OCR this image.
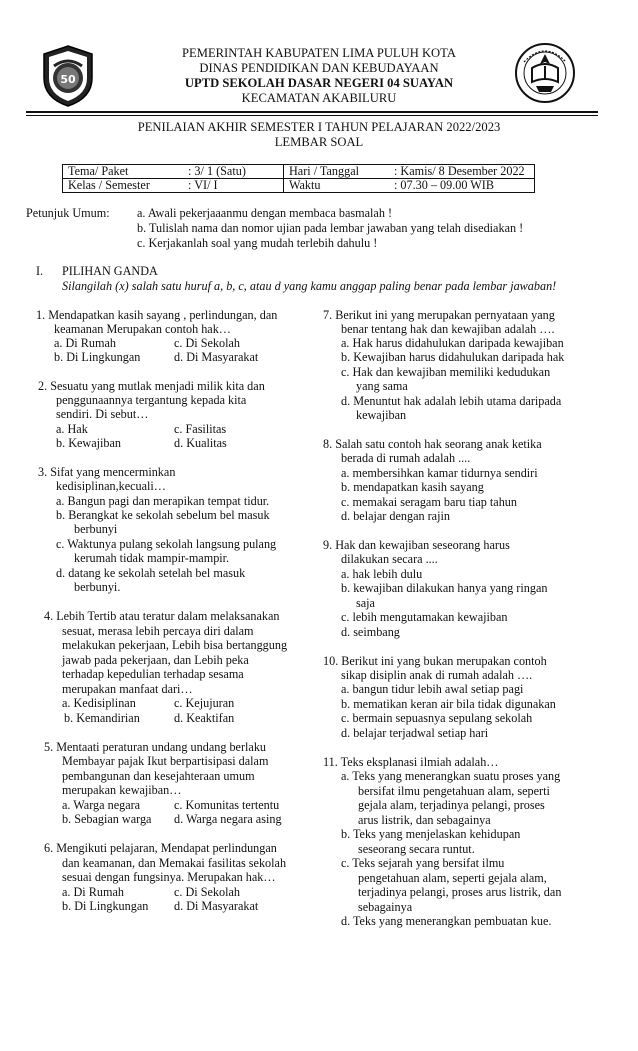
50
PEMERINTAH KABUPATEN LIMA PULUH KOTA
DINAS PENDIDIKAN DAN KEBUDAYAAN
UPTD SEKOLAH DASAR NEGERI 04 SUAYAN
KECAMATAN AKABILURU
PENILAIAN AKHIR SEMESTER I TAHUN PELAJARAN 2022/2023
LEMBAR SOAL
Tema/ Paket	: 3/ 1 (Satu)	Hari / Tanggal	: Kamis/ 8 Desember 2022
Kelas / Semester	: VI/ I	Waktu	: 07.30 – 09.00 WIB
Petunjuk Umum: a. Awali pekerjaaanmu dengan membaca basmalah !
b. Tulislah nama dan nomor ujian pada lembar jawaban yang telah disediakan !
c. Kerjakanlah soal yang mudah terlebih dahulu !
I. PILIHAN GANDA
Silangilah (x) salah satu huruf a, b, c, atau d yang kamu anggap paling benar pada lembar jawaban!
1. Mendapatkan kasih sayang , perlindungan, dan
keamanan Merupakan contoh hak…
a. Di Rumah	c. Di Sekolah
b. Di Lingkungan	d. Di Masyarakat
2. Sesuatu yang mutlak menjadi milik kita dan
penggunaannya tergantung kepada kita
sendiri. Di sebut…
a. Hak	c. Fasilitas
b. Kewajiban	d. Kualitas
3. Sifat yang mencerminkan
kedisiplinan,kecuali…
a. Bangun pagi dan merapikan tempat tidur.
b. Berangkat ke sekolah sebelum bel masuk
berbunyi
c. Waktunya pulang sekolah langsung pulang
kerumah tidak mampir-mampir.
d. datang ke sekolah setelah bel masuk
berbunyi.
4. Lebih Tertib atau teratur dalam melaksanakan
sesuat, merasa lebih percaya diri dalam
melakukan pekerjaan, Lebih bisa bertanggung
jawab pada pekerjaan, dan Lebih peka
terhadap kepedulian terhadap sesama
merupakan manfaat dari…
a. Kedisiplinan	c. Kejujuran
b. Kemandirian	d. Keaktifan
5. Mentaati peraturan undang undang berlaku
Membayar pajak Ikut berpartisipasi dalam
pembangunan dan kesejahteraan umum
merupakan kewajiban…
a. Warga negara	c. Komunitas tertentu
b. Sebagian warga d. Warga negara asing
6. Mengikuti pelajaran, Mendapat perlindungan
dan keamanan, dan Memakai fasilitas sekolah
sesuai dengan fungsinya. Merupakan hak…
a. Di Rumah	c. Di Sekolah
b. Di Lingkungan d. Di Masyarakat
7. Berikut ini yang merupakan pernyataan yang
benar tentang hak dan kewajiban adalah ….
a. Hak harus didahulukan daripada kewajiban
b. Kewajiban harus didahulukan daripada hak
c. Hak dan kewajiban memiliki kedudukan
yang sama
d. Menuntut hak adalah lebih utama daripada
kewajiban
8. Salah satu contoh hak seorang anak ketika
berada di rumah adalah ....
a. membersihkan kamar tidurnya sendiri
b. mendapatkan kasih sayang
c. memakai seragam baru tiap tahun
d. belajar dengan rajin
9. Hak dan kewajiban seseorang harus
dilakukan secara ....
a. hak lebih dulu
b. kewajiban dilakukan hanya yang ringan
saja
c. lebih mengutamakan kewajiban
d. seimbang
10. Berikut ini yang bukan merupakan contoh
sikap disiplin anak di rumah adalah ….
a. bangun tidur lebih awal setiap pagi
b. mematikan keran air bila tidak digunakan
c. bermain sepuasnya sepulang sekolah
d. belajar terjadwal setiap hari
11. Teks eksplanasi ilmiah adalah…
a. Teks yang menerangkan suatu proses yang
bersifat ilmu pengetahuan alam, seperti
gejala alam, terjadinya pelangi, proses
arus listrik, dan sebagainya
b. Teks yang menjelaskan kehidupan
seseorang secara runtut.
c. Teks sejarah yang bersifat ilmu
pengetahuan alam, seperti gejala alam,
terjadinya pelangi, proses arus listrik, dan
sebagainya
d. Teks yang menerangkan pembuatan kue.
